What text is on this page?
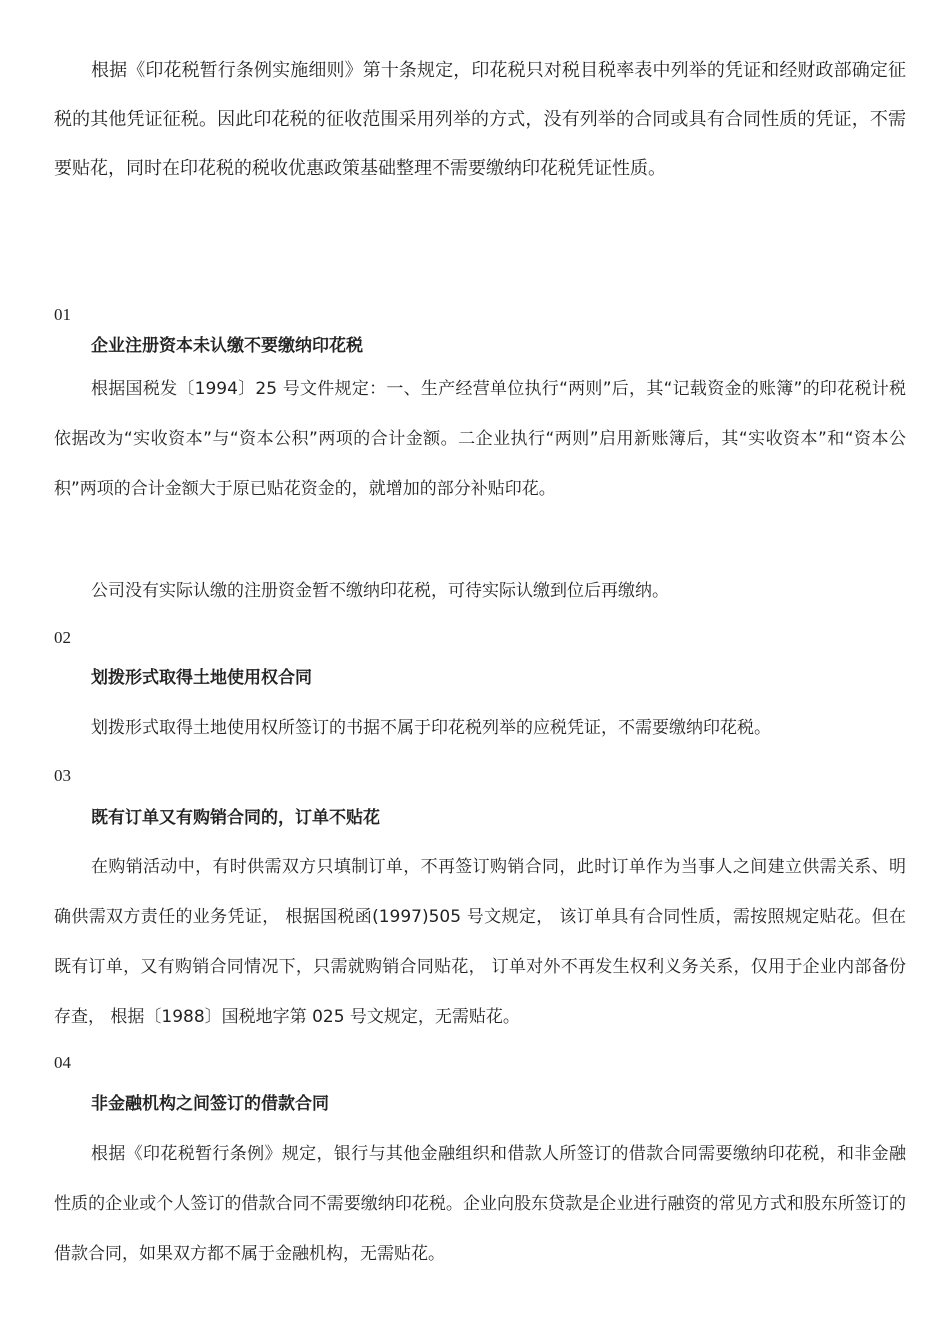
根据《印花税暂行条例实施细则》第十条规定，印花税只对税目税率表中列举的凭证和经财政部确定征税的其他凭证征税。因此印花税的征收范围采用列举的方式，没有列举的合同或具有合同性质的凭证，不需要贴花，同时在印花税的税收优惠政策基础整理不需要缴纳印花税凭证性质。

01

企业注册资本未认缴不要缴纳印花税

根据国税发〔1994〕25 号文件规定：一、生产经营单位执行“两则”后，其“记载资金的账簿”的印花税计税依据改为“实收资本”与“资本公积”两项的合计金额。二企业执行“两则”启用新账簿后，其“实收资本”和“资本公积”两项的合计金额大于原已贴花资金的，就增加的部分补贴印花。

公司没有实际认缴的注册资金暂不缴纳印花税，可待实际认缴到位后再缴纳。

02

划拨形式取得土地使用权合同

划拨形式取得土地使用权所签订的书据不属于印花税列举的应税凭证，不需要缴纳印花税。

03

既有订单又有购销合同的，订单不贴花

在购销活动中，有时供需双方只填制订单，不再签订购销合同，此时订单作为当事人之间建立供需关系、明确供需双方责任的业务凭证， 根据国税函(1997)505 号文规定， 该订单具有合同性质，需按照规定贴花。但在既有订单，又有购销合同情况下，只需就购销合同贴花， 订单对外不再发生权利义务关系，仅用于企业内部备份存查， 根据〔1988〕国税地字第 025 号文规定，无需贴花。

04

非金融机构之间签订的借款合同

根据《印花税暂行条例》规定，银行与其他金融组织和借款人所签订的借款合同需要缴纳印花税，和非金融性质的企业或个人签订的借款合同不需要缴纳印花税。企业向股东贷款是企业进行融资的常见方式和股东所签订的借款合同，如果双方都不属于金融机构，无需贴花。
